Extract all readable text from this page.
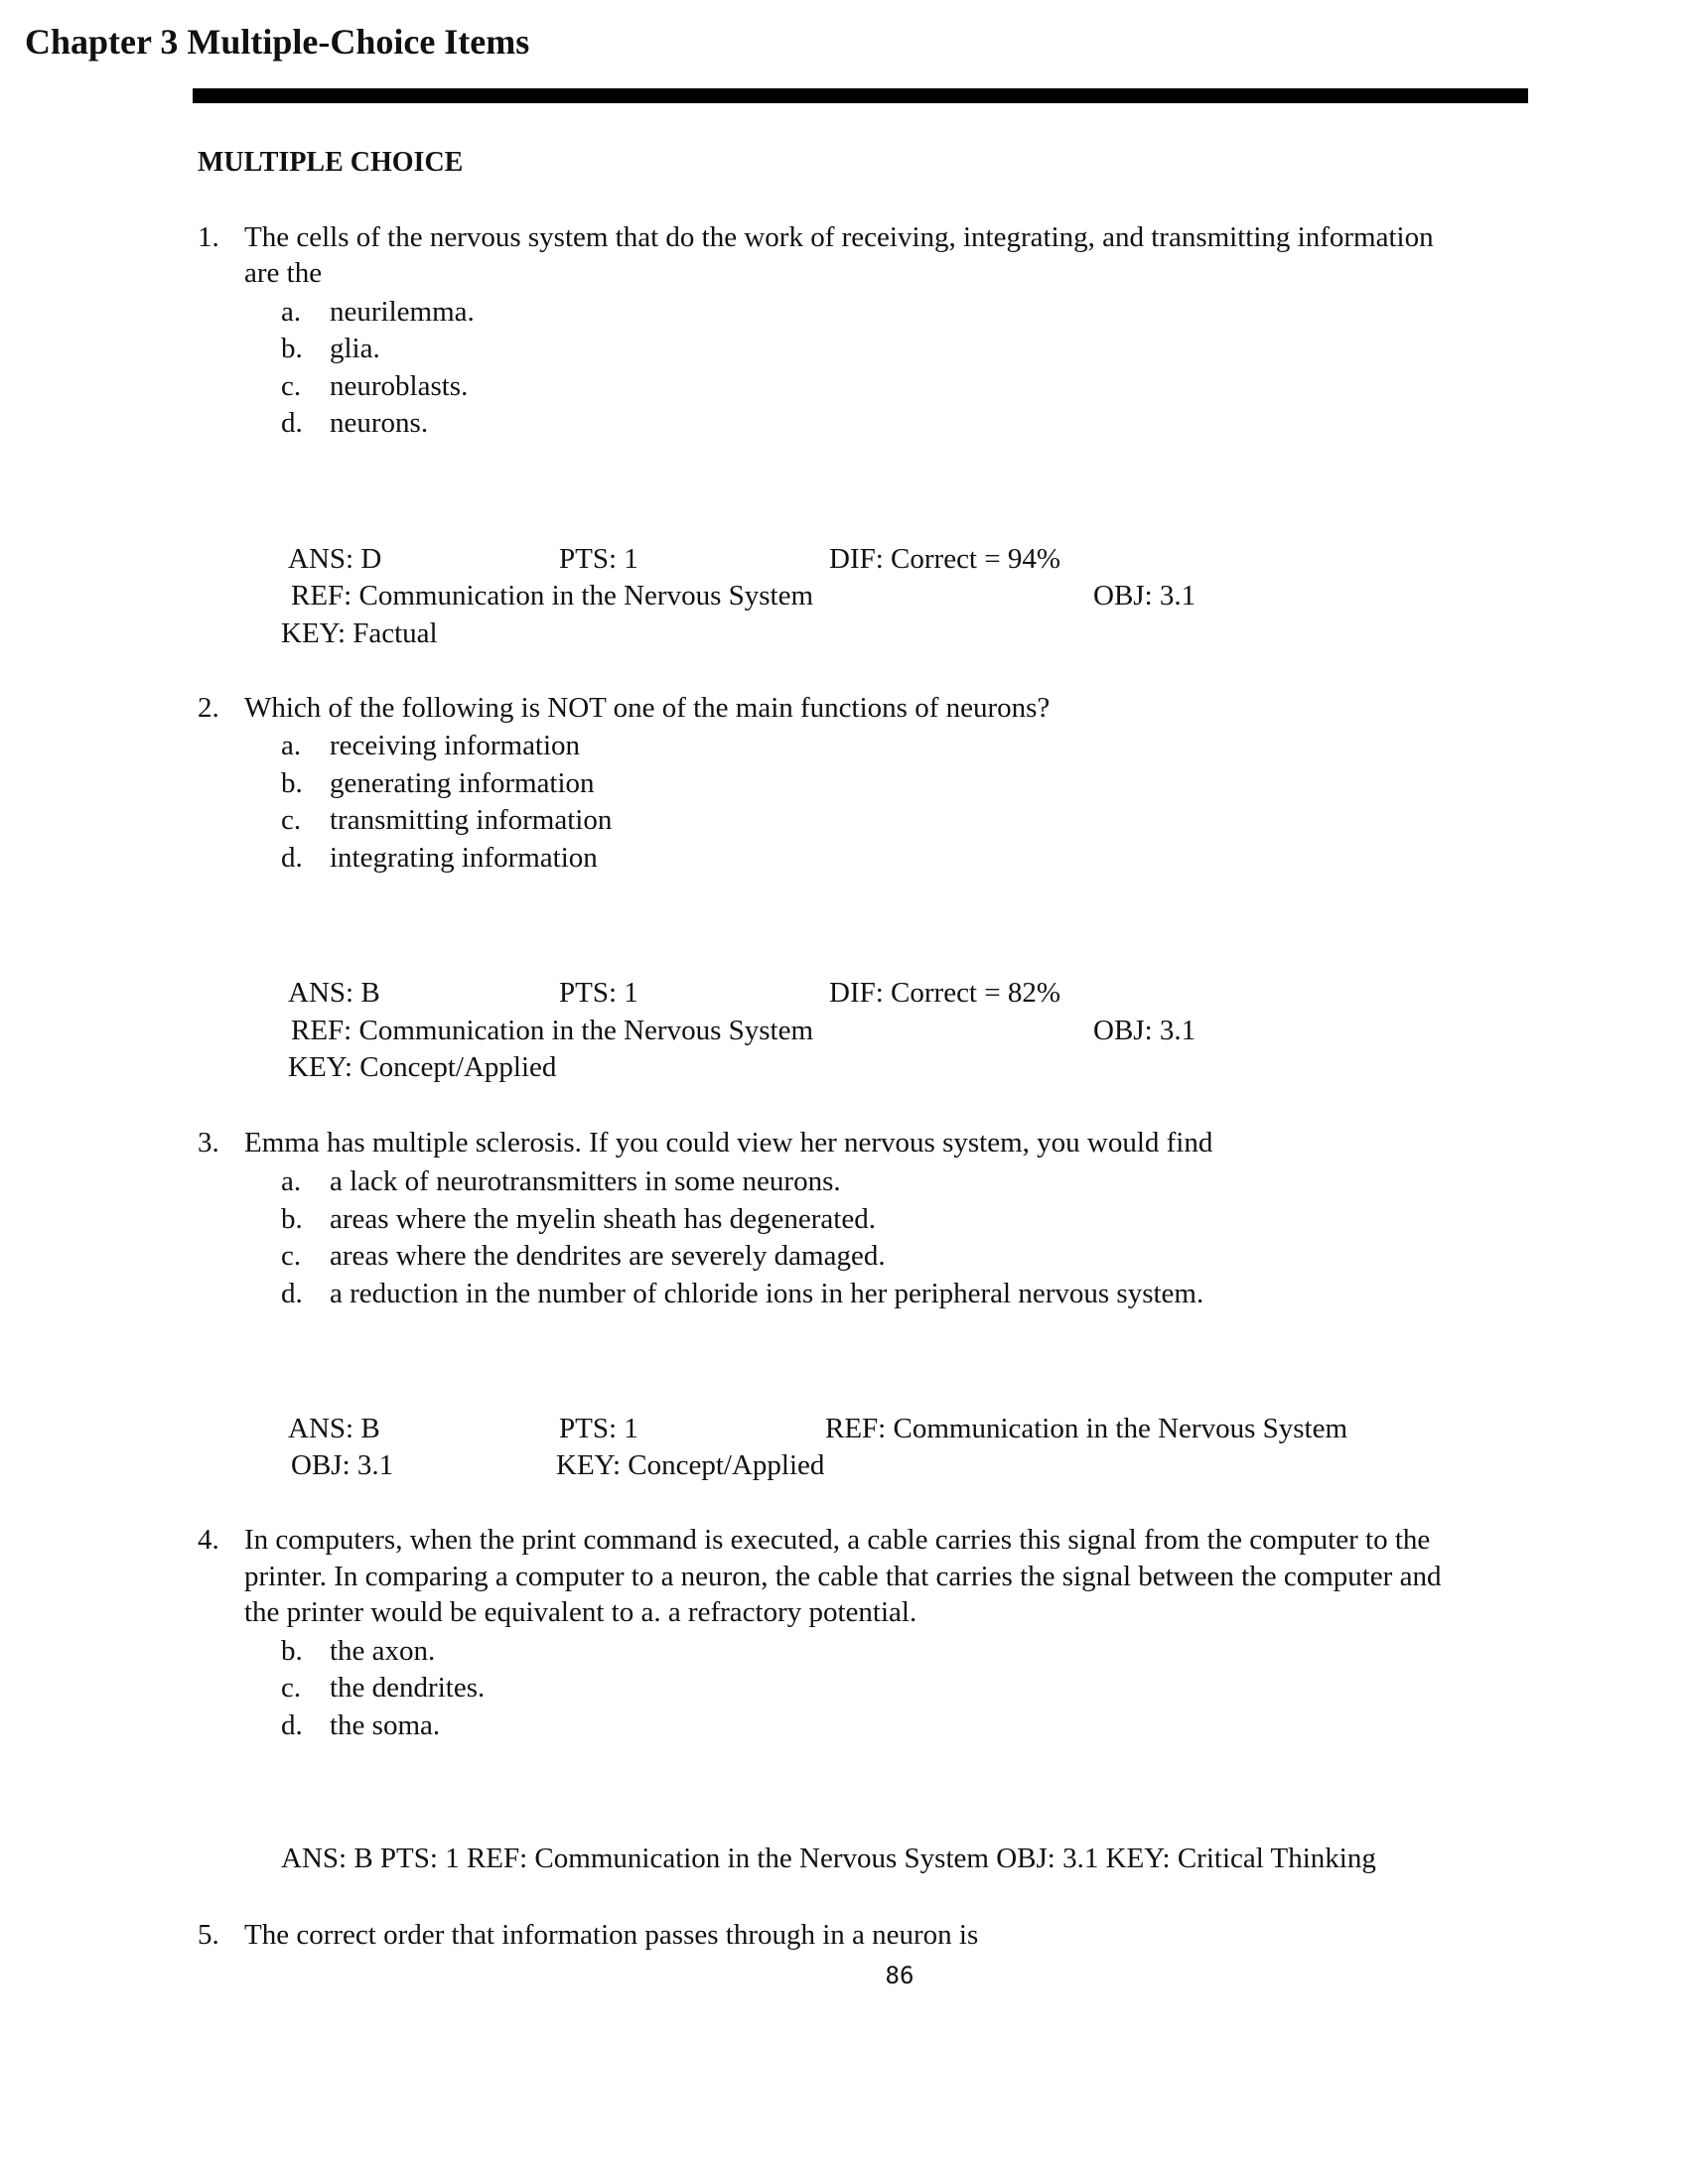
Chapter 3 Multiple-Choice Items
MULTIPLE CHOICE
1. The cells of the nervous system that do the work of receiving, integrating, and transmitting information
are the
a. neurilemma.
b. glia.
c. neuroblasts.
d. neurons.
ANS: D	PTS: 1	DIF: Correct = 94%
REF: Communication in the Nervous System	OBJ: 3.1
KEY: Factual
2. Which of the following is NOT one of the main functions of neurons?
a. receiving information
b. generating information
c. transmitting information
d. integrating information
ANS: B	PTS: 1	DIF: Correct = 82%
REF: Communication in the Nervous System	OBJ: 3.1
KEY: Concept/Applied
3. Emma has multiple sclerosis. If you could view her nervous system, you would find
a. a lack of neurotransmitters in some neurons.
b. areas where the myelin sheath has degenerated.
c. areas where the dendrites are severely damaged.
d. a reduction in the number of chloride ions in her peripheral nervous system.
ANS: B	PTS: 1	REF: Communication in the Nervous System
OBJ: 3.1	KEY: Concept/Applied
4. In computers, when the print command is executed, a cable carries this signal from the computer to the
printer. In comparing a computer to a neuron, the cable that carries the signal between the computer and
the printer would be equivalent to a. a refractory potential.
b. the axon.
c. the dendrites.
d. the soma.
ANS: B PTS: 1 REF: Communication in the Nervous System OBJ: 3.1 KEY: Critical Thinking
5. The correct order that information passes through in a neuron is
86
